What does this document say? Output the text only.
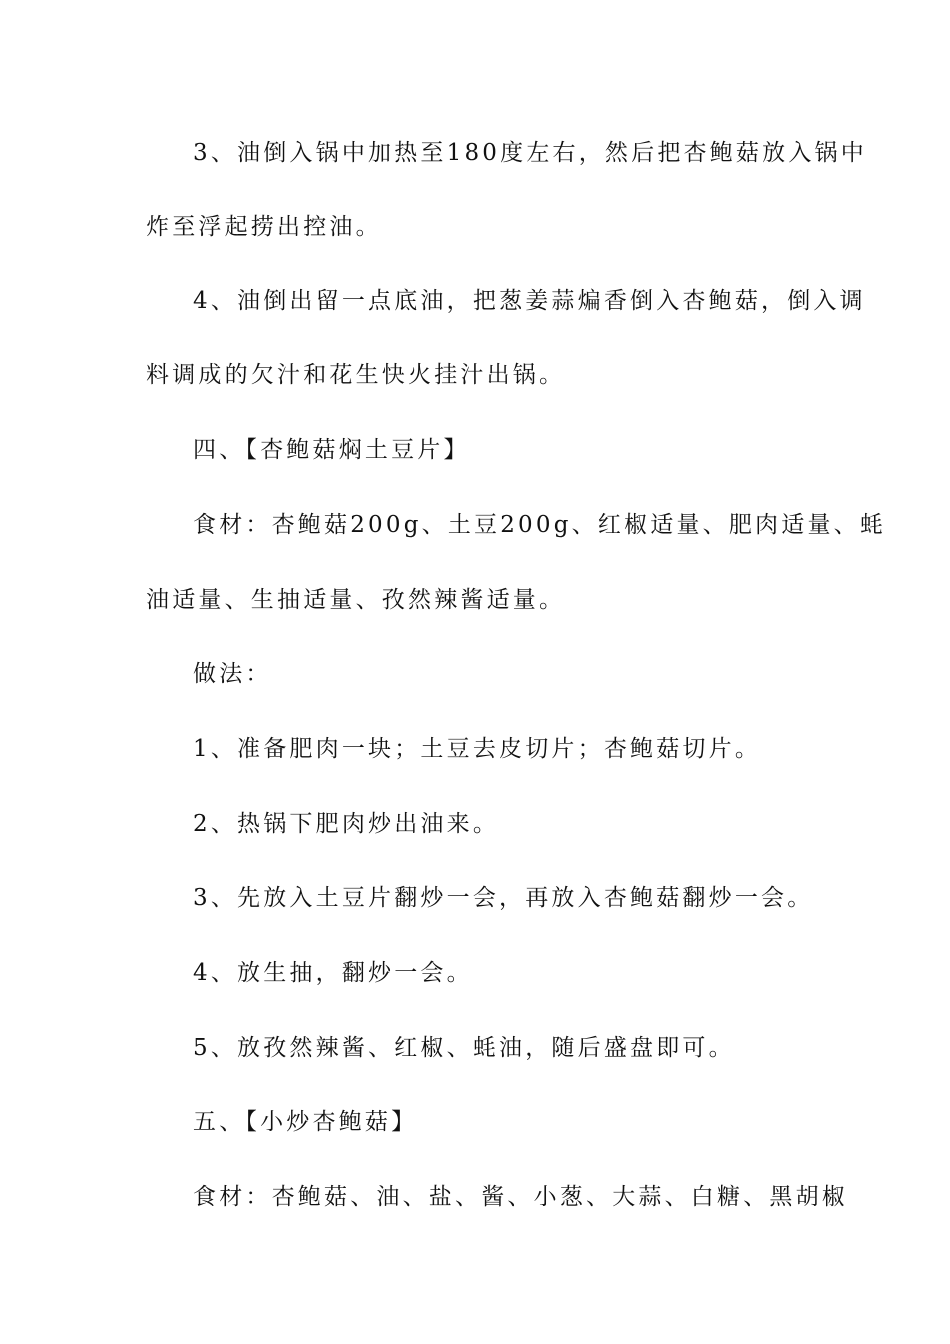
3、油倒入锅中加热至180度左右，然后把杏鲍菇放入锅中
炸至浮起捞出控油。
4、油倒出留一点底油，把葱姜蒜煸香倒入杏鲍菇，倒入调
料调成的欠汁和花生快火挂汁出锅。
四、【杏鲍菇焖土豆片】
食材：杏鲍菇200g、土豆200g、红椒适量、肥肉适量、蚝
油适量、生抽适量、孜然辣酱适量。
做法：
1、准备肥肉一块；土豆去皮切片；杏鲍菇切片。
2、热锅下肥肉炒出油来。
3、先放入土豆片翻炒一会，再放入杏鲍菇翻炒一会。
4、放生抽，翻炒一会。
5、放孜然辣酱、红椒、蚝油，随后盛盘即可。
五、【小炒杏鲍菇】
食材：杏鲍菇、油、盐、酱、小葱、大蒜、白糖、黑胡椒
